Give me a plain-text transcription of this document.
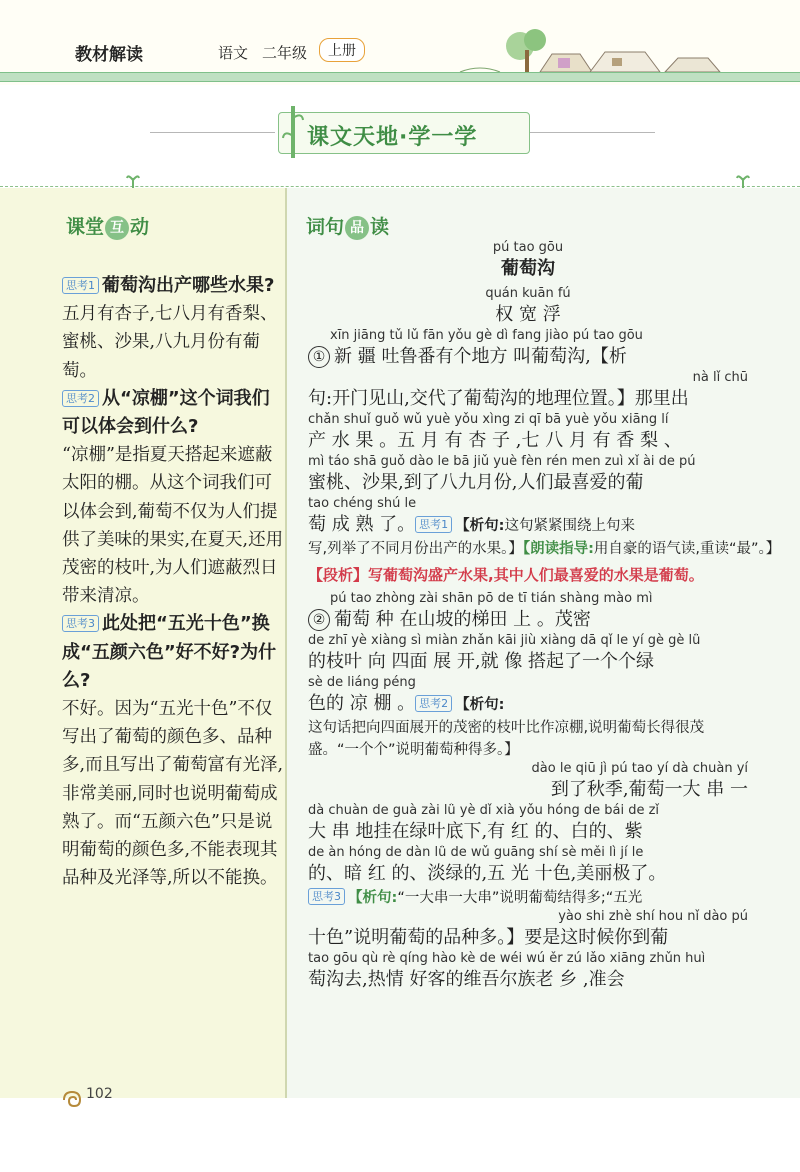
教材解读	语文 二年级	上册
课文天地·学一学
课堂 互 动

思考1 葡萄沟出产哪些水果?

五月有杏子,七八月有香梨、蜜桃、沙果,八九月份有葡萄。

思考2 从“凉棚”这个词我们可以体会到什么?

“凉棚”是指夏天搭起来遮蔽太阳的棚。从这个词我们可以体会到,葡萄不仅为人们提供了美味的果实,在夏天,还用茂密的枝叶,为人们遮蔽烈日带来清凉。

思考3 此处把“五光十色”换成“五颜六色”好不好?为什么?

不好。因为“五光十色”不仅写出了葡萄的颜色多、品种多,而且写出了葡萄富有光泽,非常美丽,同时也说明葡萄成熟了。而“五颜六色”只是说明葡萄的颜色多,不能表现其品种及光泽等,所以不能换。

词句 品 读
pú tao gōu
葡萄沟
quán kuān fú
权 宽 浮
xīn jiāng tǔ lǔ fān yǒu gè dì fang jiào pú tao gōu
① 新 疆 吐鲁番有个地方 叫葡萄沟,【析
nà lǐ chū
句:开门见山,交代了葡萄沟的地理位置。】那里出
chǎn shuǐ guǒ wǔ yuè yǒu xìng zi qī bā yuè yǒu xiāng lí
产 水 果 。五 月 有 杏 子 ,七 八 月 有 香 梨 、
mì táo shā guǒ dào le bā jiǔ yuè fèn rén men zuì xǐ ài de pú
蜜桃、沙果,到了八九月份,人们最喜爱的葡
tao chéng shú le
萄 成 熟 了。 思考1 【析句:这句紧紧围绕上句来
写,列举了不同月份出产的水果。】【朗读指导:用自豪的语气读,重读“最”。】
【段析】写葡萄沟盛产水果,其中人们最喜爱的水果是葡萄。
pú tao zhòng zài shān pō de tī tián shàng mào mì
② 葡萄 种 在山坡的梯田 上 。茂密
de zhī yè xiàng sì miàn zhǎn kāi jiù xiàng dā qǐ le yí gè gè lǜ
的枝叶 向 四面 展 开,就 像 搭起了一个个绿
sè de liáng péng
色的 凉 棚 。 思考2 【析句:
这句话把向四面展开的茂密的枝叶比作凉棚,说明葡萄长得很茂盛。“一个个”说明葡萄种得多。】
dào le qiū jì pú tao yí dà chuàn yí
到了秋季,葡萄一大 串 一
dà chuàn de guà zài lǜ yè dǐ xià yǒu hóng de bái de zǐ
大 串 地挂在绿叶底下,有 红 的、白的、紫
de àn hóng de dàn lǜ de wǔ guāng shí sè měi lì jí le
的、暗 红 的、淡绿的,五 光 十色,美丽极了。
思考3 【析句:“一大串一大串”说明葡萄结得多;“五光
yào shi zhè shí hou nǐ dào pú
十色”说明葡萄的品种多。】要是这时候你到葡
tao gōu qù rè qíng hào kè de wéi wú ěr zú lǎo xiāng zhǔn huì
萄沟去,热情 好客的维吾尔族老 乡 ,准会
102
